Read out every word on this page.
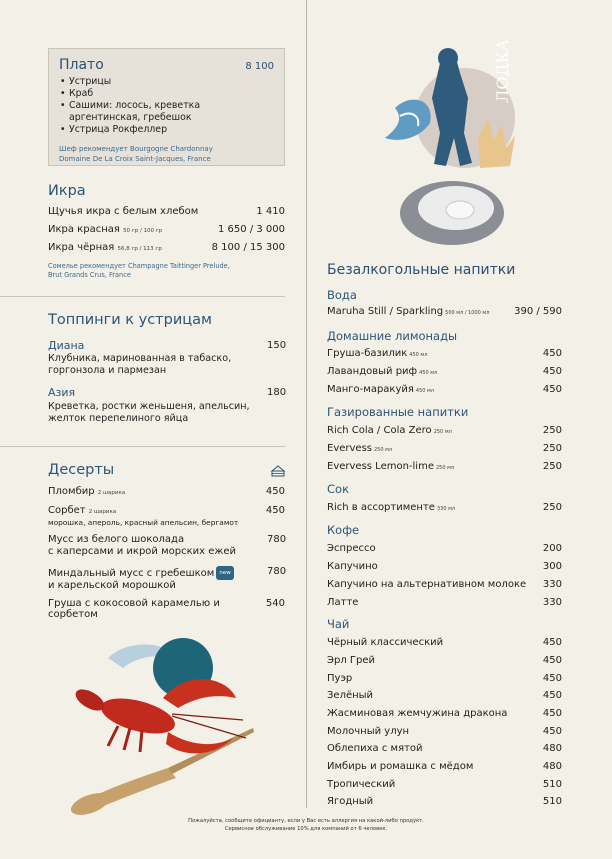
Плато	8 100
• Устрицы
• Краб
• Сашими: лосось, креветка аргентинская, гребешок
• Устрица Рокфеллер
Шеф рекомендует Bourgogne Chardonnay
Domaine De La Croix Saint-Jacques, France
Икра
Щучья икра с белым хлебом	1 410
Икра красная 50 гр / 100 гр	1 650 / 3 000
Икра чёрная 56,8 гр / 113 гр	8 100 / 15 300
Сомелье рекомендует Champagne Taittinger Prelude,
Brut Grands Crus, France
Топпинги к устрицам
Диана	150
Клубника, маринованная в табаско,
горгонзола и пармезан
Азия	180
Креветка, ростки женьшеня, апельсин,
желток перепелиного яйца
Десерты
Пломбир 2 шарика	450
Сорбет 2 шарика	450
морошка, апероль, красный апельсин, бергамот
Мусс из белого шоколада
с каперсами и икрой морских ежей
780
Миндальный мусс с гребешком new
и карельской морошкой
780
Груша с кокосовой карамелью и сорбетом
540
ЛОДКА
Безалкогольные напитки
Вода
Maruha Still / Sparkling 500 мл / 1000 мл 390 / 590
Домашние лимонады
Груша-базилик 450 мл	450
Лавандовый риф 450 мл	450
Манго-маракуйя 450 мл	450
Газированные напитки
Rich Cola / Cola Zero 250 мл	250
Evervess 250 мл	250
Evervess Lemon-lime 250 мл	250
Сок
Rich в ассортименте 330 мл	250
Кофе
Эспрессо	200
Капучино	300
Капучино на альтернативном молоке 330
Латте	330
Чай
Чёрный классический	450
Эрл Грей	450
Пуэр	450
Зелёный	450
Жасминовая жемчужина дракона	450
Молочный улун	450
Облепиха с мятой	480
Имбирь и ромашка с мёдом	480
Тропический	510
Ягодный	510
Пожалуйста, сообщите официанту, если у Вас есть аллергия на какой-либо продукт.
Сервисное обслуживание 10% для компаний от 6 человек.
